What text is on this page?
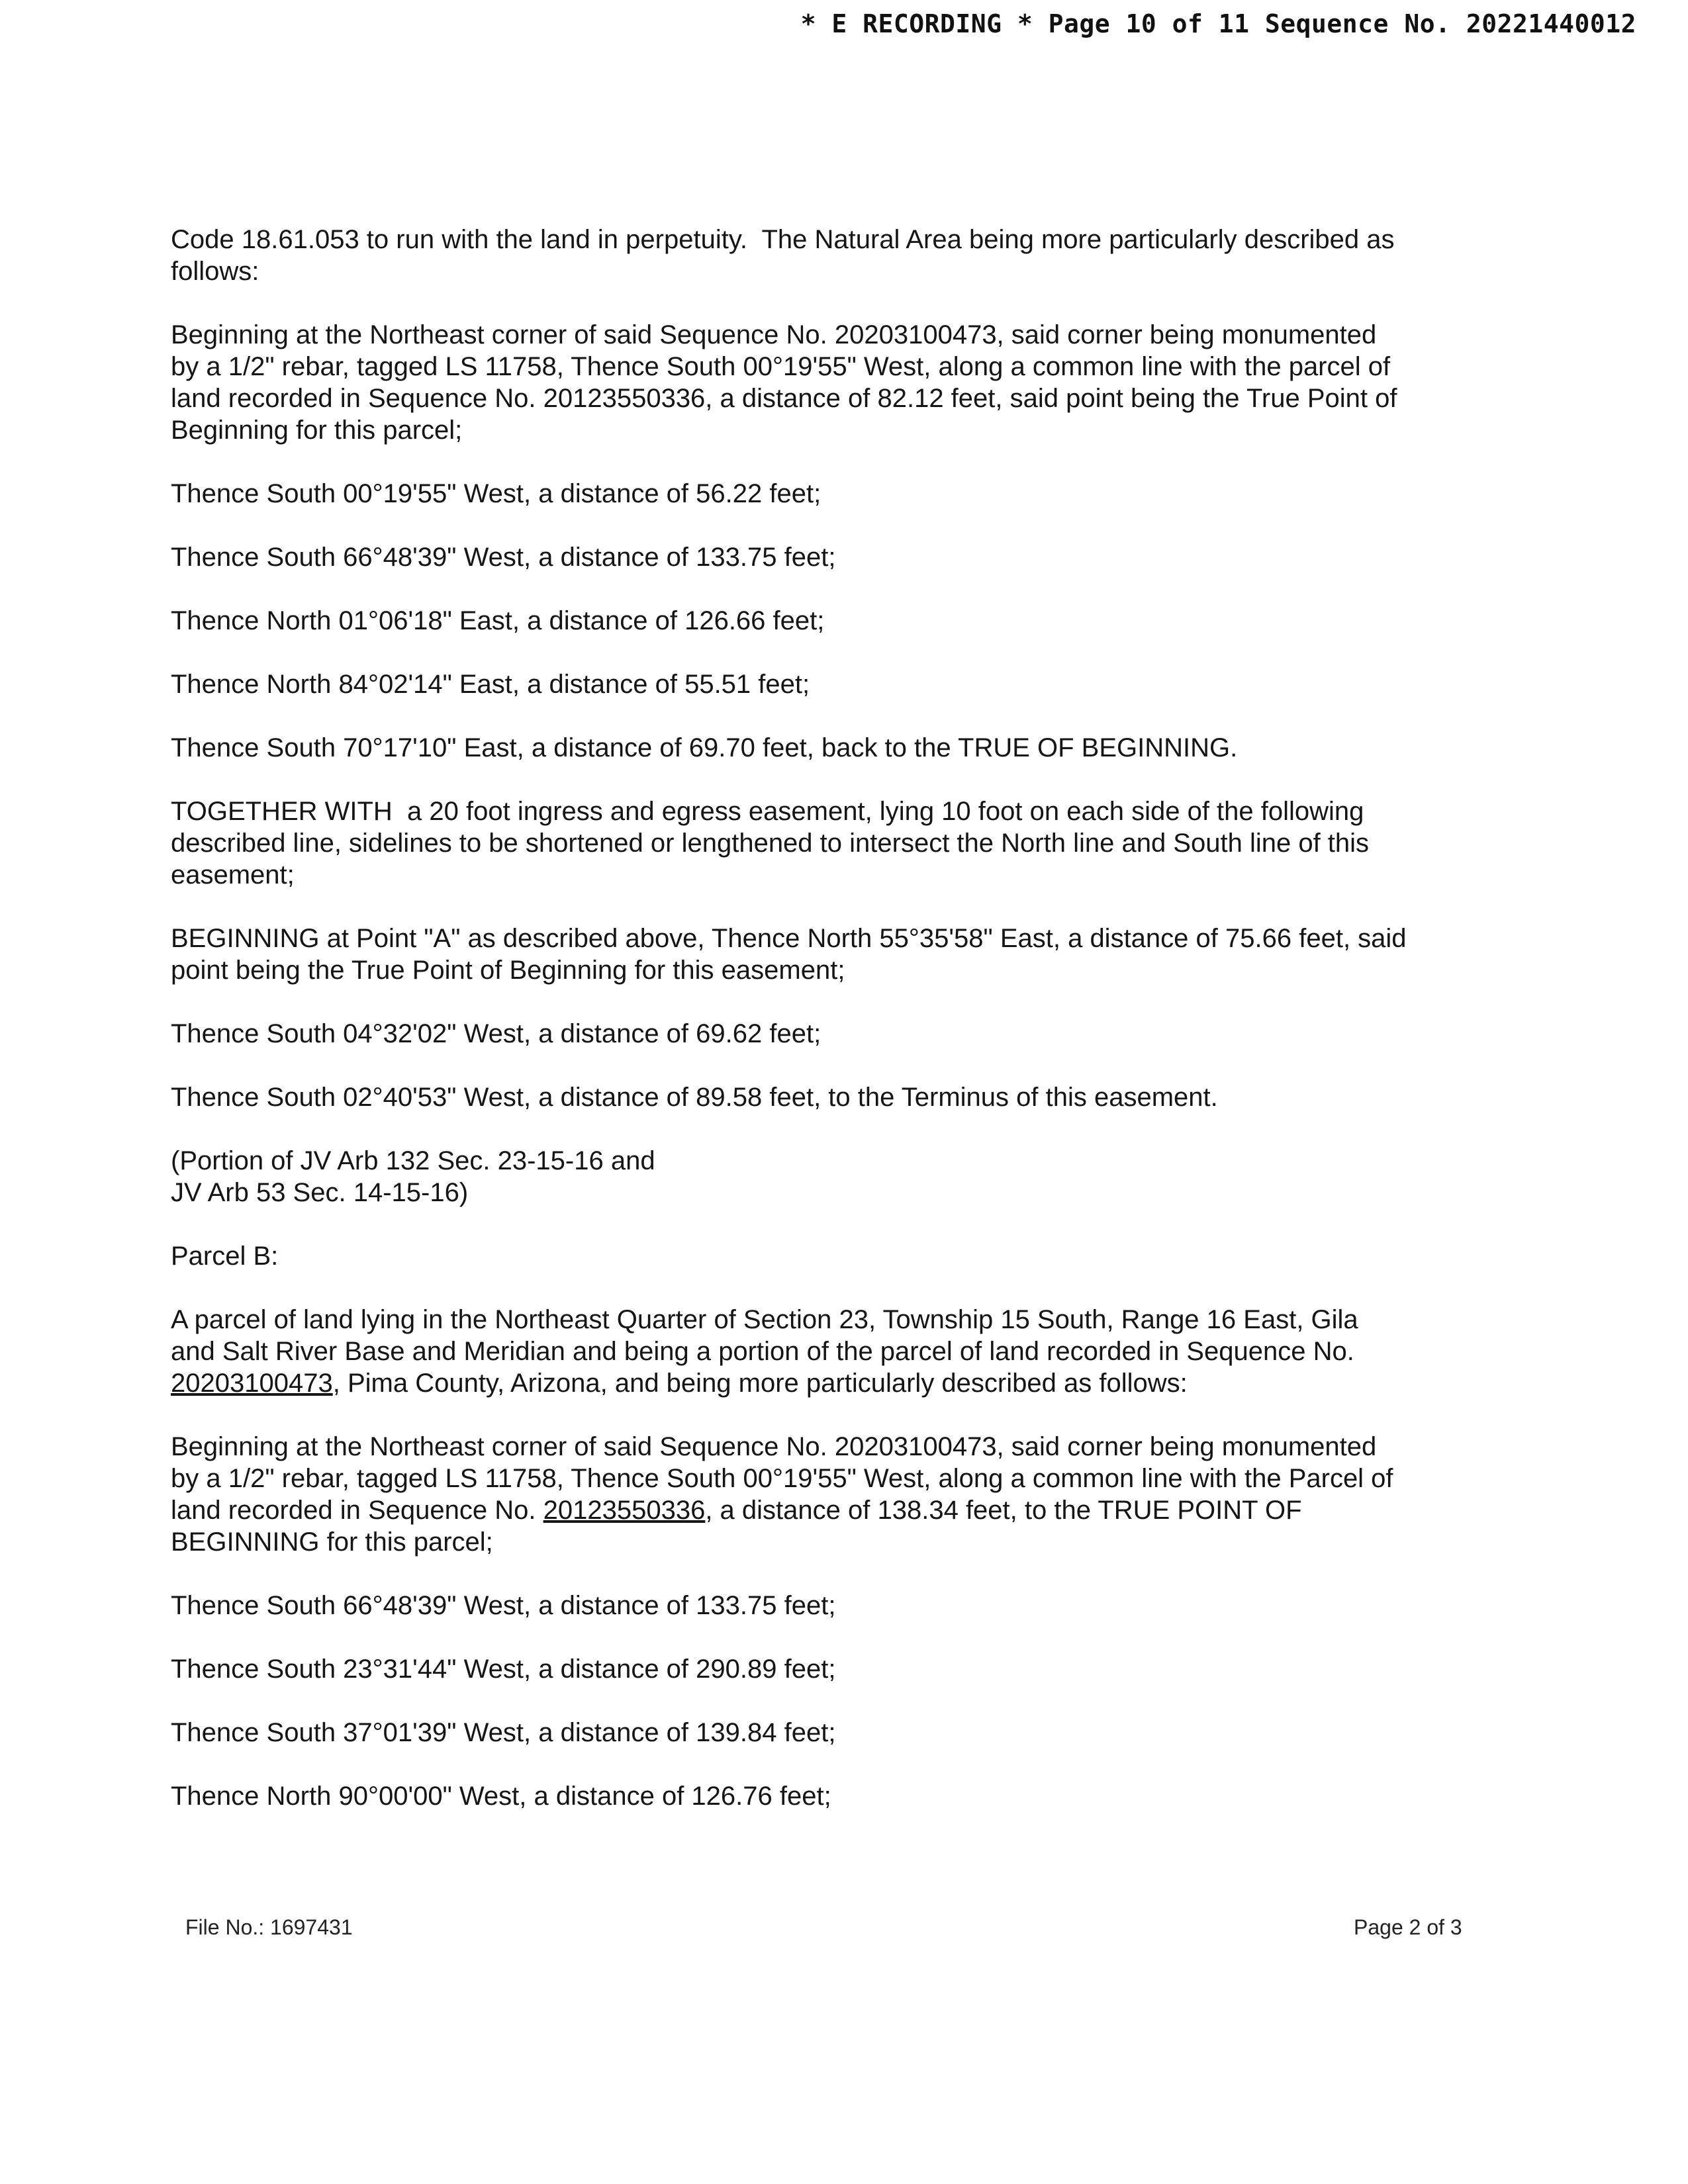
* E RECORDING * Page 10 of 11 Sequence No. 20221440012
Code 18.61.053 to run with the land in perpetuity.  The Natural Area being more particularly described as
follows:
Beginning at the Northeast corner of said Sequence No. 20203100473, said corner being monumented
by a 1/2" rebar, tagged LS 11758, Thence South 00°19'55" West, along a common line with the parcel of
land recorded in Sequence No. 20123550336, a distance of 82.12 feet, said point being the True Point of
Beginning for this parcel;
Thence South 00°19'55" West, a distance of 56.22 feet;
Thence South 66°48'39" West, a distance of 133.75 feet;
Thence North 01°06'18" East, a distance of 126.66 feet;
Thence North 84°02'14" East, a distance of 55.51 feet;
Thence South 70°17'10" East, a distance of 69.70 feet, back to the TRUE OF BEGINNING.
TOGETHER WITH  a 20 foot ingress and egress easement, lying 10 foot on each side of the following
described line, sidelines to be shortened or lengthened to intersect the North line and South line of this
easement;
BEGINNING at Point "A" as described above, Thence North 55°35'58" East, a distance of 75.66 feet, said
point being the True Point of Beginning for this easement;
Thence South 04°32'02" West, a distance of 69.62 feet;
Thence South 02°40'53" West, a distance of 89.58 feet, to the Terminus of this easement.
(Portion of JV Arb 132 Sec. 23-15-16 and
JV Arb 53 Sec. 14-15-16)
Parcel B:
A parcel of land lying in the Northeast Quarter of Section 23, Township 15 South, Range 16 East, Gila
and Salt River Base and Meridian and being a portion of the parcel of land recorded in Sequence No.
20203100473, Pima County, Arizona, and being more particularly described as follows:
Beginning at the Northeast corner of said Sequence No. 20203100473, said corner being monumented
by a 1/2" rebar, tagged LS 11758, Thence South 00°19'55" West, along a common line with the Parcel of
land recorded in Sequence No. 20123550336, a distance of 138.34 feet, to the TRUE POINT OF
BEGINNING for this parcel;
Thence South 66°48'39" West, a distance of 133.75 feet;
Thence South 23°31'44" West, a distance of 290.89 feet;
Thence South 37°01'39" West, a distance of 139.84 feet;
Thence North 90°00'00" West, a distance of 126.76 feet;
File No.: 1697431	Page 2 of 3
